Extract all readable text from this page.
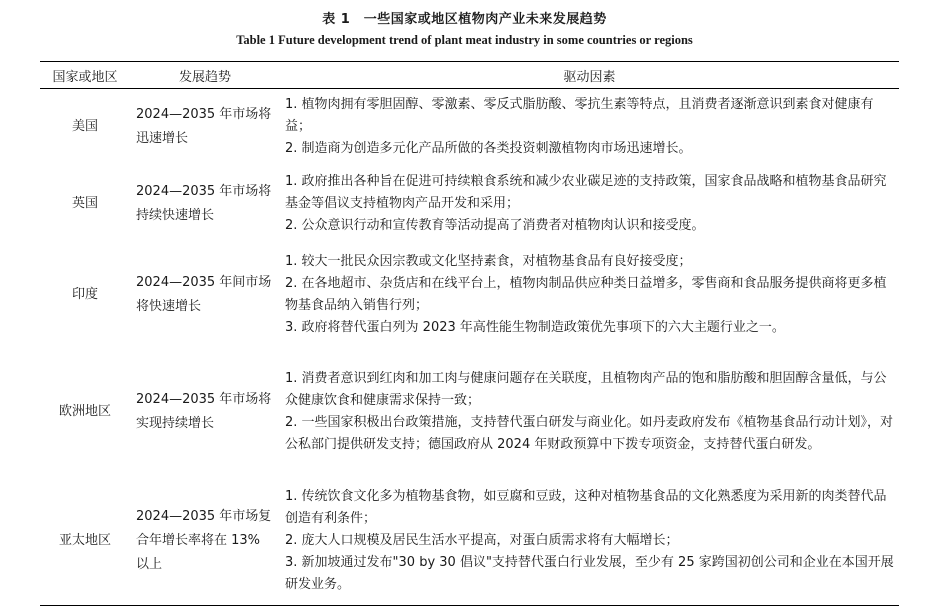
表 1　一些国家或地区植物肉产业未来发展趋势
Table 1 Future development trend of plant meat industry in some countries or regions
国家或地区	发展趋势	驱动因素
美国	2024—2035 年市场将迅速增长	1. 植物肉拥有零胆固醇、零激素、零反式脂肪酸、零抗生素等特点，且消费者逐渐意识到素食对健康有益；
2. 制造商为创造多元化产品所做的各类投资刺激植物肉市场迅速增长。

英国	2024—2035 年市场将持续快速增长	1. 政府推出各种旨在促进可持续粮食系统和减少农业碳足迹的支持政策，国家食品战略和植物基食品研究基金等倡议支持植物肉产品开发和采用；
2. 公众意识行动和宣传教育等活动提高了消费者对植物肉认识和接受度。

印度	2024—2035 年间市场将快速增长	1. 较大一批民众因宗教或文化坚持素食，对植物基食品有良好接受度；
2. 在各地超市、杂货店和在线平台上，植物肉制品供应种类日益增多，零售商和食品服务提供商将更多植物基食品纳入销售行列；
3. 政府将替代蛋白列为 2023 年高性能生物制造政策优先事项下的六大主题行业之一。

欧洲地区	2024—2035 年市场将实现持续增长	1. 消费者意识到红肉和加工肉与健康问题存在关联度，且植物肉产品的饱和脂肪酸和胆固醇含量低，与公众健康饮食和健康需求保持一致；
2. 一些国家积极出台政策措施，支持替代蛋白研发与商业化。如丹麦政府发布《植物基食品行动计划》，对公私部门提供研发支持；德国政府从 2024 年财政预算中下拨专项资金，支持替代蛋白研发。

亚太地区	2024—2035 年市场复合年增长率将在 13% 以上	1. 传统饮食文化多为植物基食物，如豆腐和豆豉，这种对植物基食品的文化熟悉度为采用新的肉类替代品创造有利条件；
2. 庞大人口规模及居民生活水平提高，对蛋白质需求将有大幅增长；
3. 新加坡通过发布"30 by 30 倡议"支持替代蛋白行业发展，至少有 25 家跨国初创公司和企业在本国开展研发业务。
